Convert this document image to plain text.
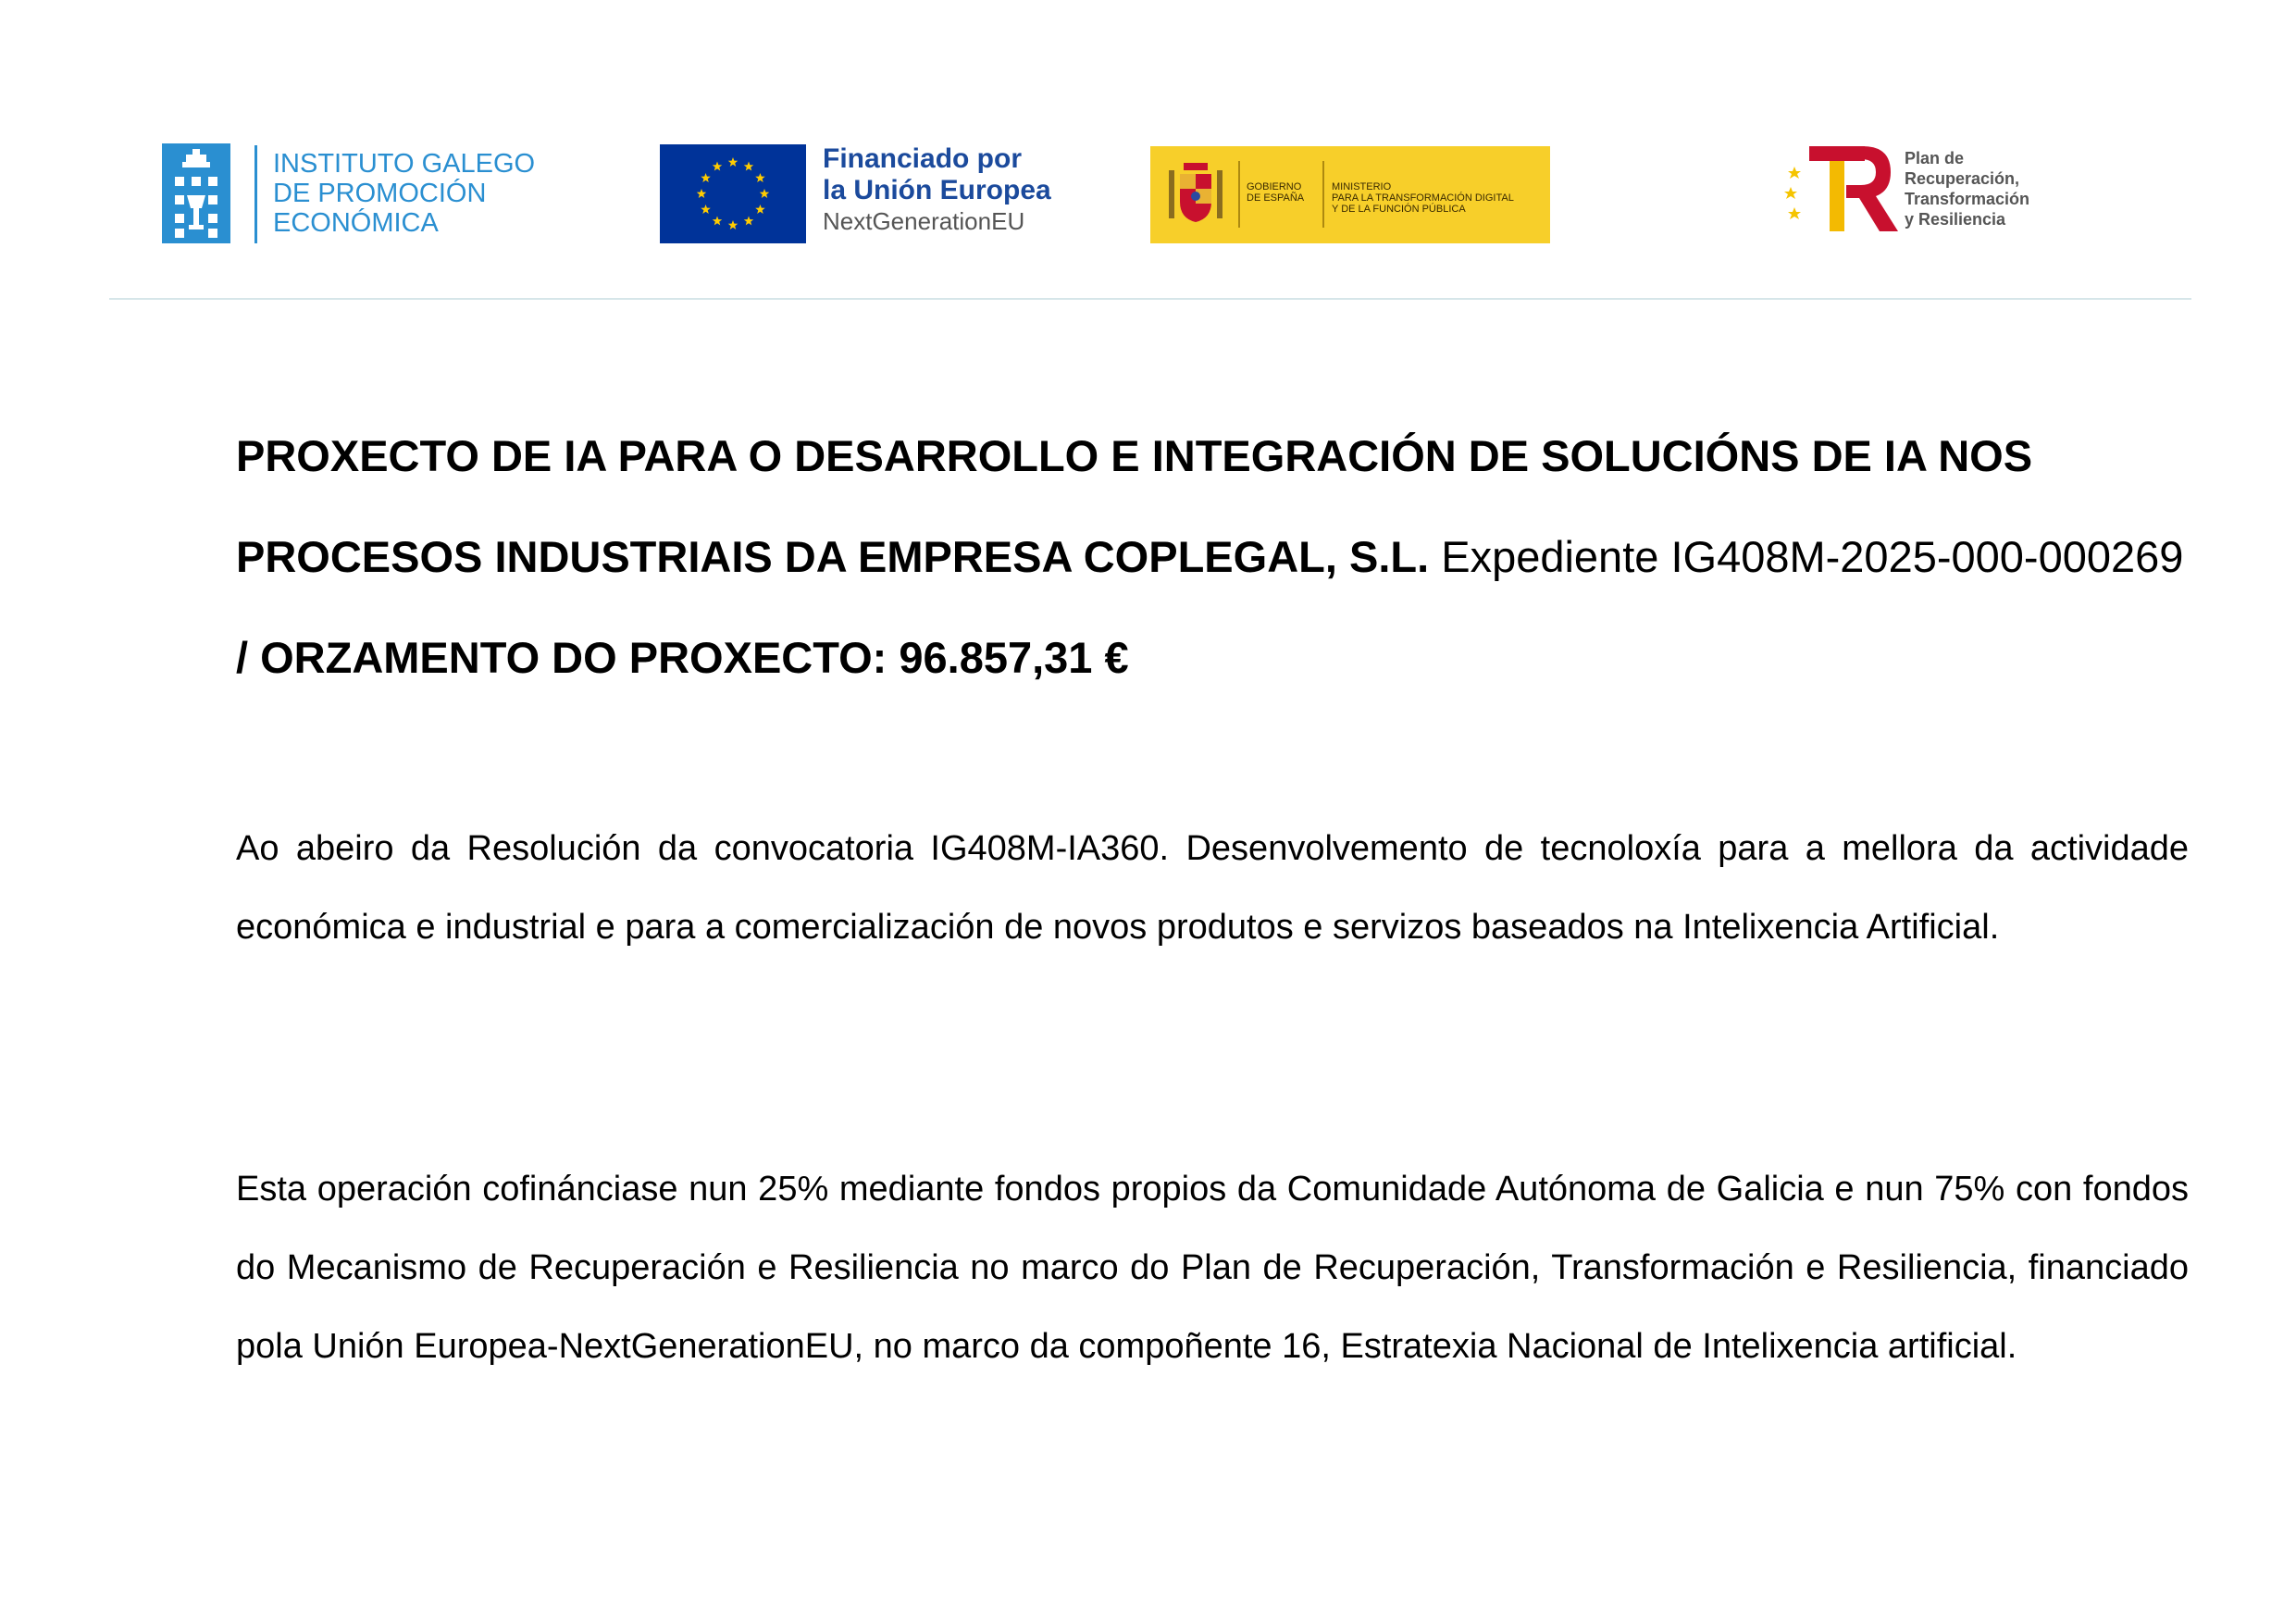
INSTITUTO GALEGO
DE PROMOCIÓN
ECONÓMICA
Financiado por
la Unión Europea
NextGenerationEU
GOBIERNO
DE ESPAÑA
MINISTERIO
PARA LA TRANSFORMACIÓN DIGITAL
Y DE LA FUNCIÓN PÚBLICA
Plan de
Recuperación,
Transformación
y Resiliencia
PROXECTO DE IA PARA O DESARROLLO E INTEGRACIÓN DE SOLUCIÓNS DE IA NOS PROCESOS INDUSTRIAIS DA EMPRESA COPLEGAL, S.L. Expediente IG408M-2025-000-000269 / ORZAMENTO DO PROXECTO: 96.857,31 €
Ao abeiro da Resolución da convocatoria IG408M-IA360. Desenvolvemento de tecnoloxía para a mellora da actividade económica e industrial e para a comercialización de novos produtos e servizos baseados na Intelixencia Artificial.
Esta operación cofinánciase nun 25% mediante fondos propios da Comunidade Autónoma de Galicia e nun 75% con fondos do Mecanismo de Recuperación e Resiliencia no marco do Plan de Recuperación, Transformación e Resiliencia, financiado pola Unión Europea-NextGenerationEU, no marco da compoñente 16, Estratexia Nacional de Intelixencia artificial.
